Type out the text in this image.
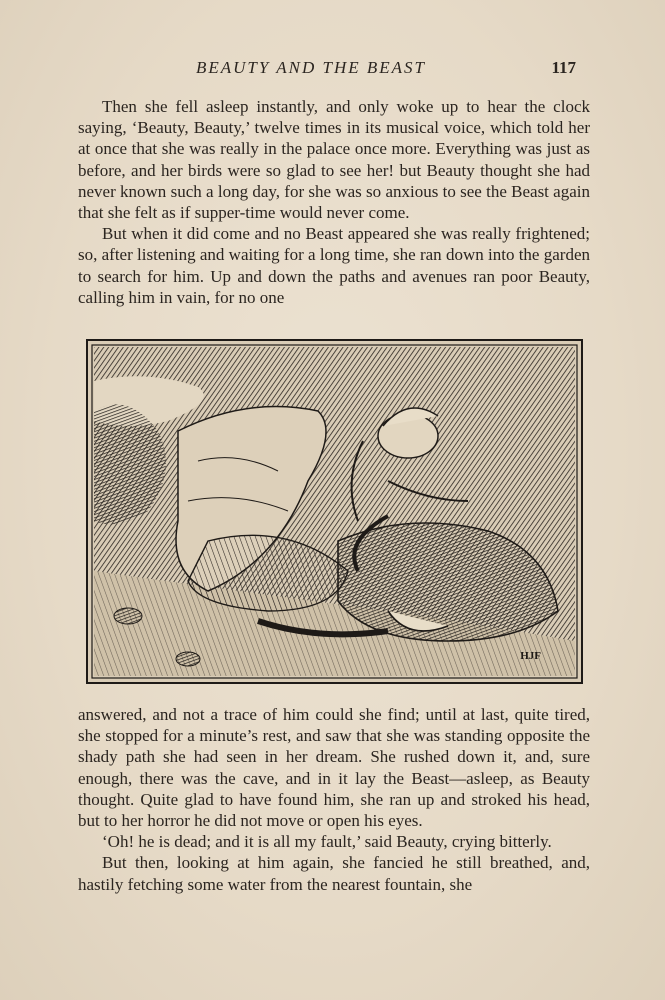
BEAUTY AND THE BEAST	117

Then she fell asleep instantly, and only woke up to hear the clock saying, ‘Beauty, Beauty,’ twelve times in its musical voice, which told her at once that she was really in the palace once more. Everything was just as before, and her birds were so glad to see her! but Beauty thought she had never known such a long day, for she was so anxious to see the Beast again that she felt as if supper-time would never come.

But when it did come and no Beast appeared she was really frightened; so, after listening and waiting for a long time, she ran down into the garden to search for him. Up and down the paths and avenues ran poor Beauty, calling him in vain, for no one

HJF

answered, and not a trace of him could she find; until at last, quite tired, she stopped for a minute’s rest, and saw that she was standing opposite the shady path she had seen in her dream. She rushed down it, and, sure enough, there was the cave, and in it lay the Beast—asleep, as Beauty thought. Quite glad to have found him, she ran up and stroked his head, but to her horror he did not move or open his eyes.

‘Oh! he is dead; and it is all my fault,’ said Beauty, crying bitterly.

But then, looking at him again, she fancied he still breathed, and, hastily fetching some water from the nearest fountain, she
